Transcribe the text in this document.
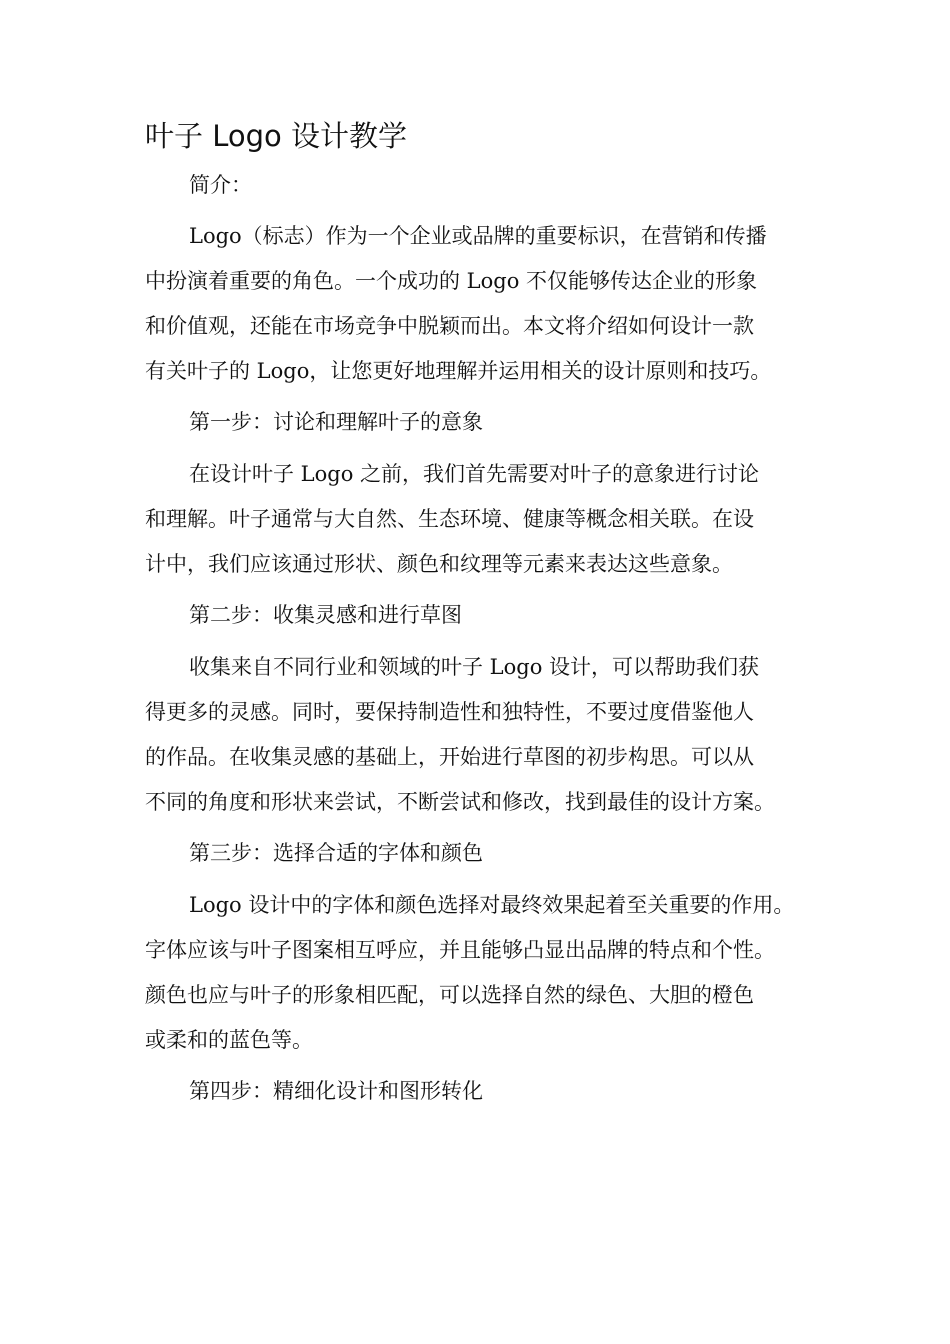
叶子 Logo 设计教学
简介：
Logo（标志）作为一个企业或品牌的重要标识，在营销和传播
中扮演着重要的角色。一个成功的 Logo 不仅能够传达企业的形象
和价值观，还能在市场竞争中脱颖而出。本文将介绍如何设计一款
有关叶子的 Logo，让您更好地理解并运用相关的设计原则和技巧。
第一步：讨论和理解叶子的意象
在设计叶子 Logo 之前，我们首先需要对叶子的意象进行讨论
和理解。叶子通常与大自然、生态环境、健康等概念相关联。在设
计中，我们应该通过形状、颜色和纹理等元素来表达这些意象。
第二步：收集灵感和进行草图
收集来自不同行业和领域的叶子 Logo 设计，可以帮助我们获
得更多的灵感。同时，要保持制造性和独特性，不要过度借鉴他人
的作品。在收集灵感的基础上，开始进行草图的初步构思。可以从
不同的角度和形状来尝试，不断尝试和修改，找到最佳的设计方案。
第三步：选择合适的字体和颜色
Logo 设计中的字体和颜色选择对最终效果起着至关重要的作用。
字体应该与叶子图案相互呼应，并且能够凸显出品牌的特点和个性。
颜色也应与叶子的形象相匹配，可以选择自然的绿色、大胆的橙色
或柔和的蓝色等。
第四步：精细化设计和图形转化
